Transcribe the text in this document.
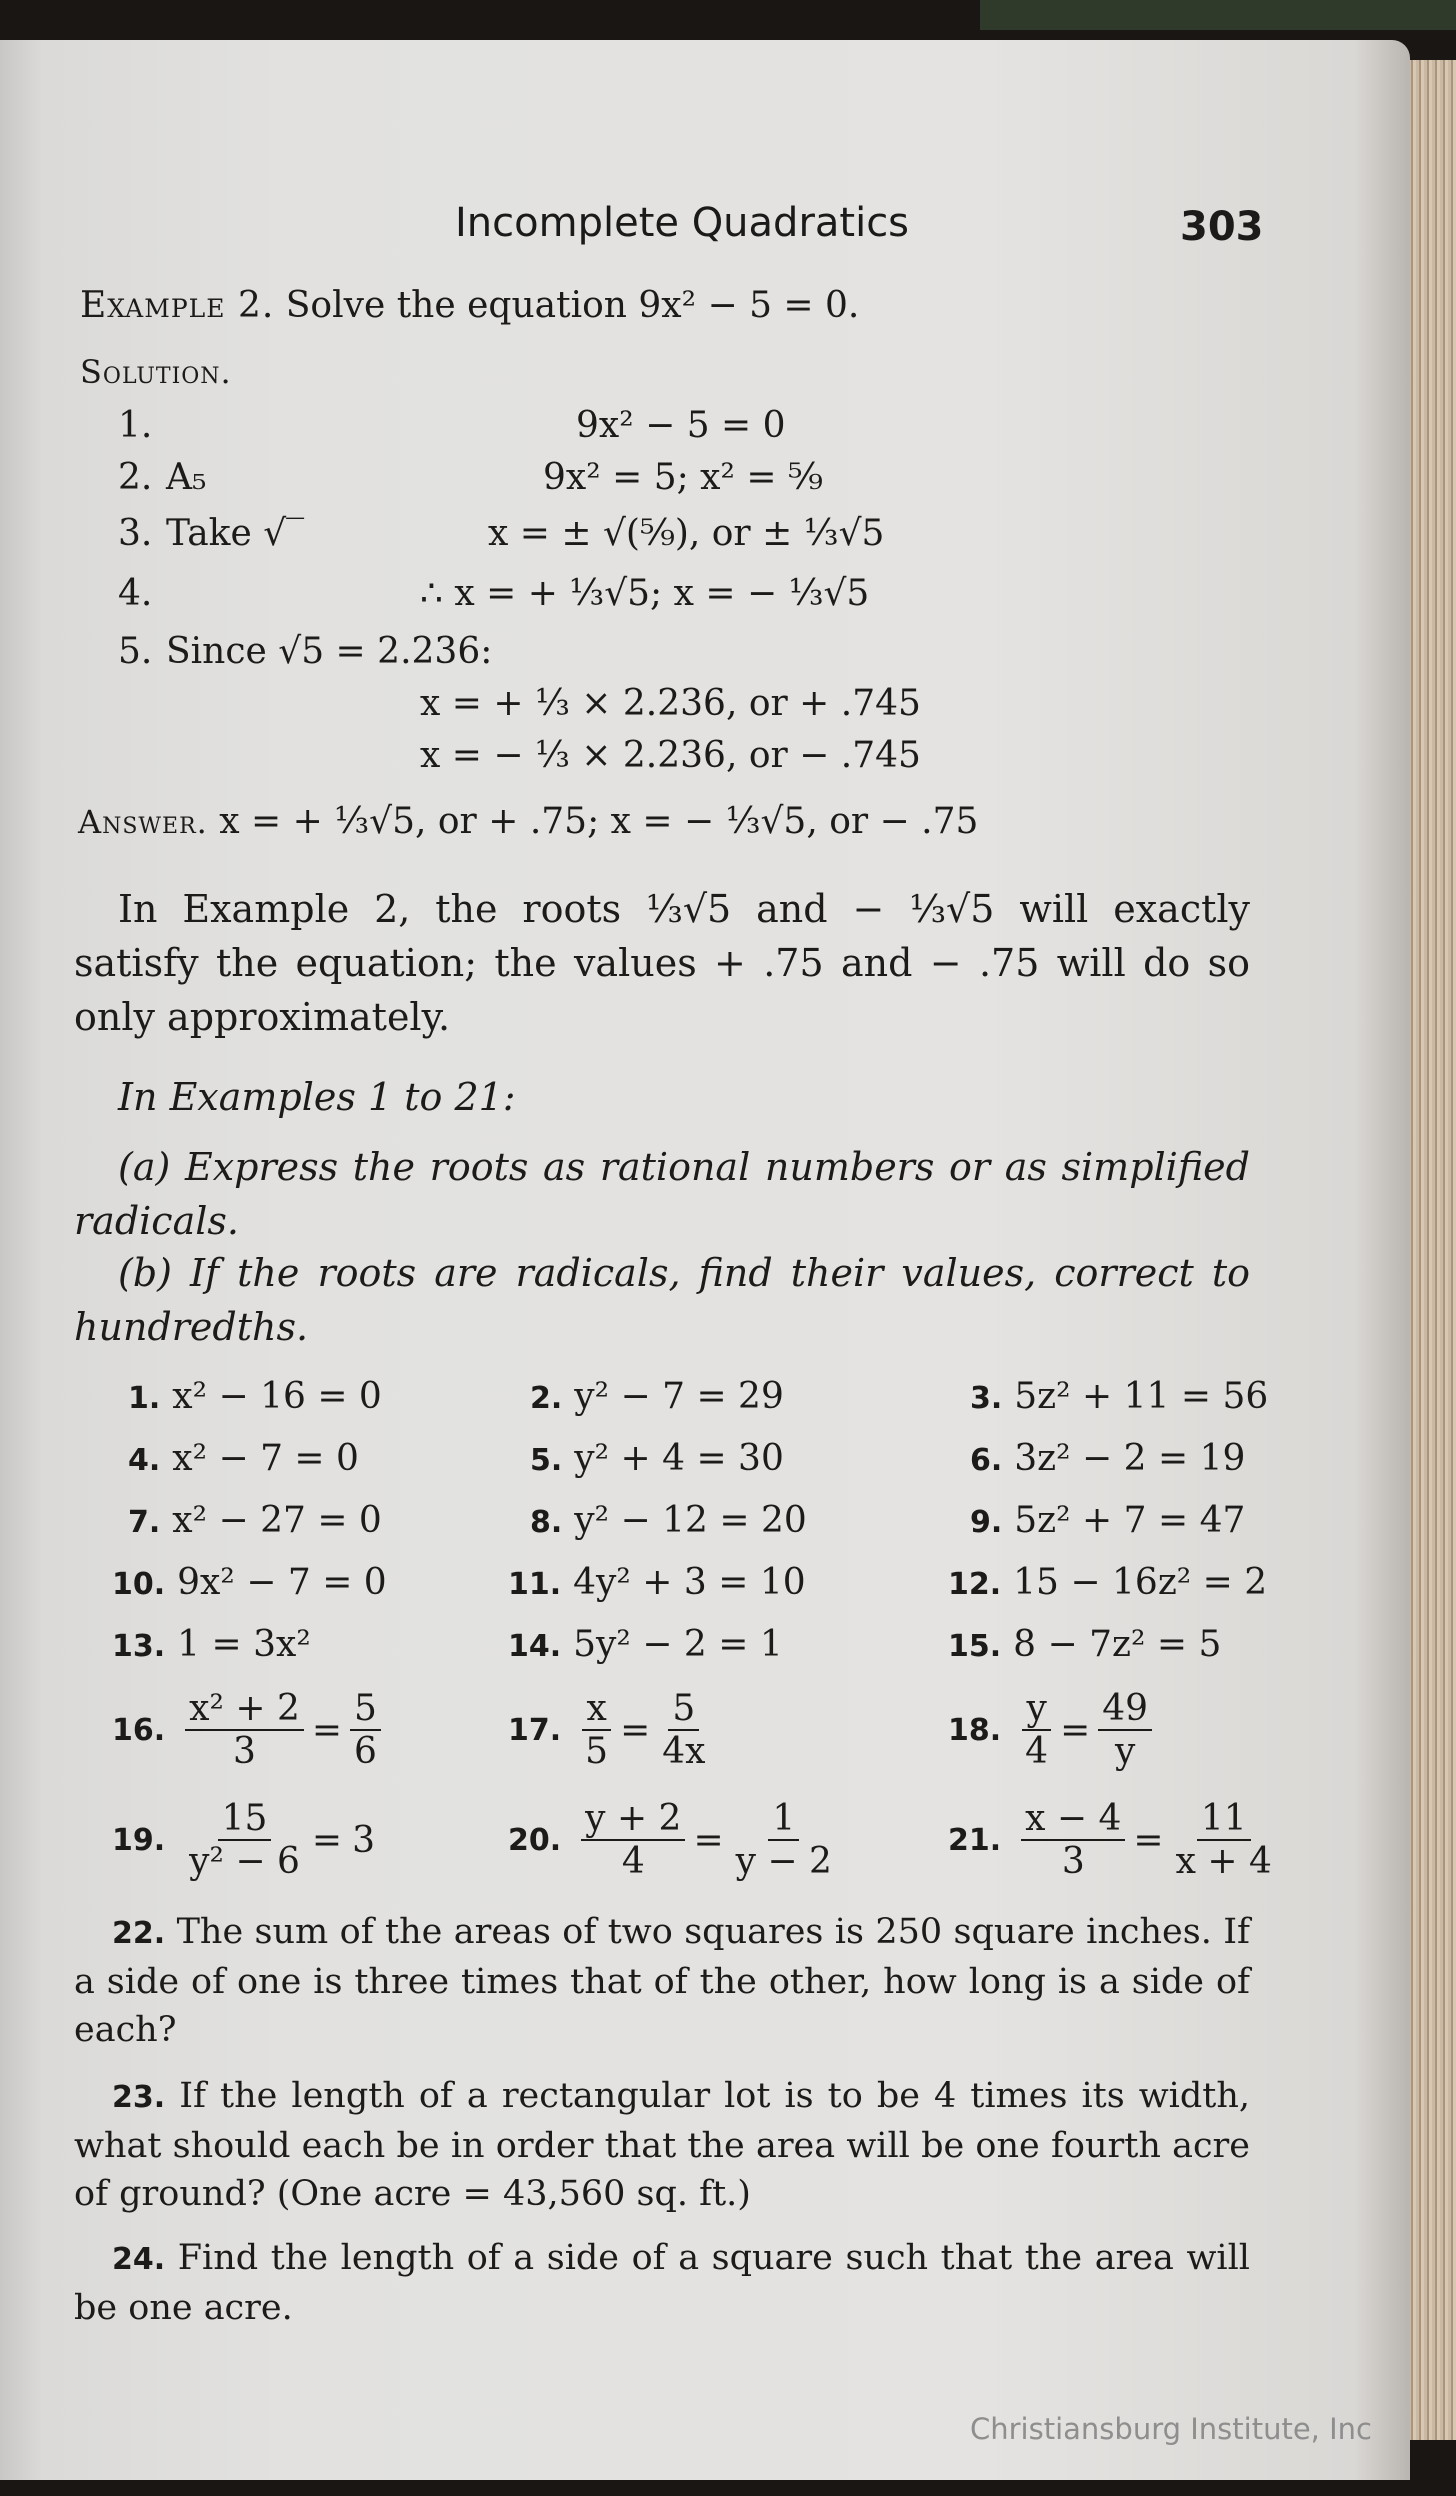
Incomplete Quadratics	303
Example 2. Solve the equation 9x² − 5 = 0.
Solution.
1.	9x² − 5 = 0
2. A₅	9x² = 5; x² = ⁵⁄₉
3. Take √‾	x = ± √(⁵⁄₉), or ± ⅓√5
4.	∴ x = + ⅓√5; x = − ⅓√5
5. Since √5 = 2.236:
x = + ⅓ × 2.236, or + .745
x = − ⅓ × 2.236, or − .745
Answer. x = + ⅓√5, or + .75; x = − ⅓√5, or − .75
In Example 2, the roots ⅓√5 and − ⅓√5 will exactly satisfy the equation; the values + .75 and − .75 will do so only approximately.
In Examples 1 to 21:
(a) Express the roots as rational numbers or as simplified radicals.
(b) If the roots are radicals, find their values, correct to hundredths.
1. x² − 16 = 0	2. y² − 7 = 29	3. 5z² + 11 = 56
4. x² − 7 = 0	5. y² + 4 = 30	6. 3z² − 2 = 19
7. x² − 27 = 0	8. y² − 12 = 20	9. 5z² + 7 = 47
10. 9x² − 7 = 0	11. 4y² + 3 = 10	12. 15 − 16z² = 2
13. 1 = 3x²	14. 5y² − 2 = 1	15. 8 − 7z² = 5
16. $\frac{\text{x² + 2}}{3} = \frac{5}{6}$	17. $\frac{x}{5} = \frac{5}{4x}$	18. $\frac{y}{4} = \frac{49}{y}$
19. $\frac{15}{\text{y² − 6}} = 3$	20. $\frac{y + 2}{4} = \frac{1}{y - 2}$	21. $\frac{x - 4}{3} = \frac{11}{x + 4}$
22. The sum of the areas of two squares is 250 square inches. If a side of one is three times that of the other, how long is a side of each?
23. If the length of a rectangular lot is to be 4 times its width, what should each be in order that the area will be one fourth acre of ground? (One acre = 43,560 sq. ft.)
24. Find the length of a side of a square such that the area will be one acre.
Christiansburg Institute, Inc
